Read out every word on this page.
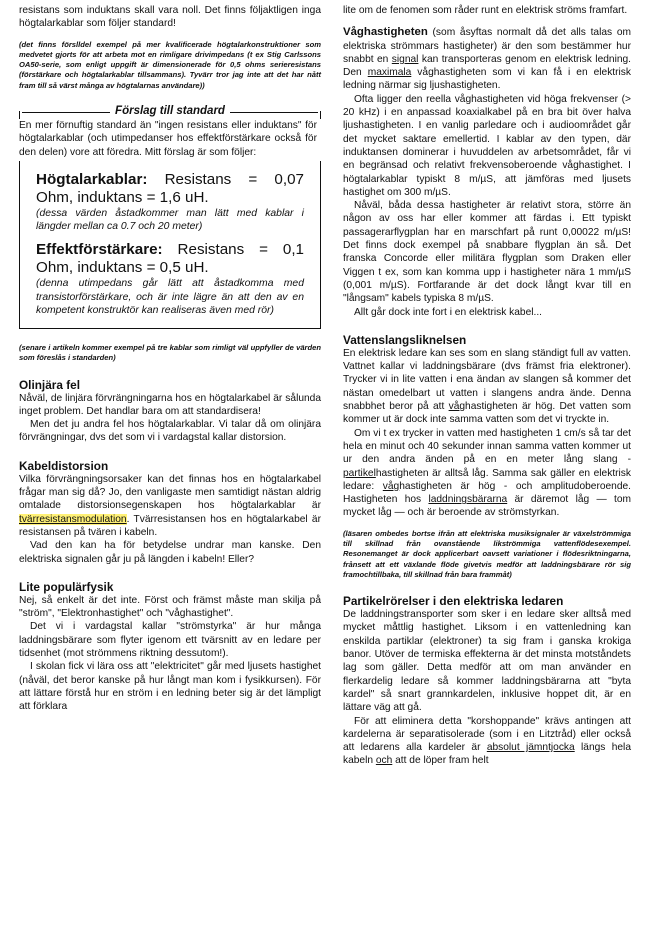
resistans som induktans skall vara noll. Det finns följaktligen inga högtalarkablar som följer standard!

(det finns förslldel exempel på mer kvalificerade högtalarkonstruktioner som medvetet gjorts för att arbeta mot en rimligare drivimpedans (t ex Stig Carlssons OA50-serie, som enligt uppgift är dimensionerade för 0,5 ohms serieresistans (förstärkare och högtalarkablar tillsammans). Tyvärr tror jag inte att det har nått fram till så värst många av högtalarnas användare))

Förslag till standard

En mer förnuftig standard än "ingen resistans eller induktans" för högtalarkablar (och utimpedanser hos effektförstärkare också för den delen) vore att föredra. Mitt förslag är som följer:

Högtalarkablar: Resistans = 0,07 Ohm, induktans = 1,6 uH.

(dessa värden åstadkommer man lätt med kablar i längder mellan ca 0.7 och 20 meter)

Effektförstärkare: Resistans = 0,1 Ohm, induktans = 0,5 uH.

(denna utimpedans går lätt att åstadkomma med transistorförstärkare, och är inte lägre än att den av en kompetent konstruktör kan realiseras även med rör)

(senare i artikeln kommer exempel på tre kablar som rimligt väl uppfyller de värden som föreslås i standarden)

Olinjära fel

Nåväl, de linjära förvrängningarna hos en högtalarkabel är sålunda inget problem. Det handlar bara om att standardisera!

Men det ju andra fel hos högtalarkablar. Vi talar då om olinjära förvrängningar, dvs det som vi i vardagstal kallar distorsion.

Kabeldistorsion

Vilka förvrängningsorsaker kan det finnas hos en högtalarkabel frågar man sig då? Jo, den vanligaste men samtidigt nästan aldrig omtalade distorsionsegenskapen hos högtalarkablar är tvärresistansmodulation. Tvärresistansen hos en högtalarkabel är resistansen på tvären i kabeln.

Vad den kan ha för betydelse undrar man kanske. Den elektriska signalen går ju på längden i kabeln! Eller?

Lite populärfysik

Nej, så enkelt är det inte. Först och främst måste man skilja på "ström", "Elektronhastighet" och "våghastighet".

Det vi i vardagstal kallar "strömstyrka" är hur många laddningsbärare som flyter igenom ett tvärsnitt av en ledare per tidsenhet (mot strömmens riktning dessutom!).

I skolan fick vi lära oss att "elektricitet" går med ljusets hastighet (nåväl, det beror kanske på hur långt man kom i fysikkursen). För att lättare förstå hur en ström i en ledning beter sig är det lämpligt att förklara

lite om de fenomen som råder runt en elektrisk ströms framfart.

Våghastigheten (som åsyftas normalt då det alls talas om elektriska strömmars hastigheter) är den som bestämmer hur snabbt en signal kan transporteras genom en elektrisk ledning. Den maximala våghastigheten som vi kan få i en elektrisk ledning närmar sig ljushastigheten.

Ofta ligger den reella våghastigheten vid höga frekvenser (> 20 kHz) i en anpassad koaxialkabel på en bra bit över halva ljushastigheten. I en vanlig parledare och i audioområdet går det mycket saktare emellertid. I kablar av den typen, där induktansen dominerar i huvuddelen av arbetsområdet, får vi en begränsad och relativt frekvensoberoende våghastighet. I högtalarkablar typiskt 8 m/µS, att jämföras med ljusets hastighet om 300 m/µS.

Nåväl, båda dessa hastigheter är relativt stora, större än någon av oss har eller kommer att färdas i. Ett typiskt passagerarflygplan har en marschfart på runt 0,00022 m/µS! Det finns dock exempel på snabbare flygplan än så. Det franska Concorde eller militära flygplan som Draken eller Viggen t ex, som kan komma upp i hastigheter nära 1 mm/µS (0,001 m/µS). Fortfarande är det dock långt kvar till en "långsam" kabels typiska 8 m/µS.

Allt går dock inte fort i en elektrisk kabel...

Vattenslangsliknelsen

En elektrisk ledare kan ses som en slang ständigt full av vatten. Vattnet kallar vi laddningsbärare (dvs främst fria elektroner). Trycker vi in lite vatten i ena ändan av slangen så kommer det nästan omedelbart ut vatten i slangens andra ände. Denna snabbhet beror på att våghastigheten är hög. Det vatten som kommer ut är dock inte samma vatten som det vi tryckte in.

Om vi t ex trycker in vatten med hastigheten 1 cm/s så tar det hela en minut och 40 sekunder innan samma vatten kommer ut ur den andra änden på en en meter lång slang - partikelhastigheten är alltså låg. Samma sak gäller en elektrisk ledare: våghastigheten är hög - och amplitudoberoende. Hastigheten hos laddningsbärarna är däremot låg — tom mycket låg — och är beroende av strömstyrkan.

(läsaren ombedes bortse ifrån att elektriska musiksignaler är växelströmmiga till skillnad från ovanstående likströmmiga vattenflödesexempel. Resonemanget är dock applicerbart oavsett variationer i flödesriktningarna, frånsett att ett växlande flöde givetvis medför att laddningsbärare rör sig framochtillbaka, till skillnad från bara frammåt)

Partikelrörelser i den elektriska ledaren

De laddningstransporter som sker i en ledare sker alltså med mycket måttlig hastighet. Liksom i en vattenledning kan enskilda partiklar (elektroner) ta sig fram i ganska krokiga banor. Utöver de termiska effekterna är det minsta motståndets lag som gäller. Detta medför att om man använder en flerkardelig ledare så kommer laddningsbärarna att "byta kardel" så snart grannkardelen, inklusive hoppet dit, är en lättare väg att gå.

För att eliminera detta "korshoppande" krävs antingen att kardelerna är separatisolerade (som i en Litztråd) eller också att ledarens alla kardeler är absolut jämntjocka längs hela kabeln och att de löper fram helt
